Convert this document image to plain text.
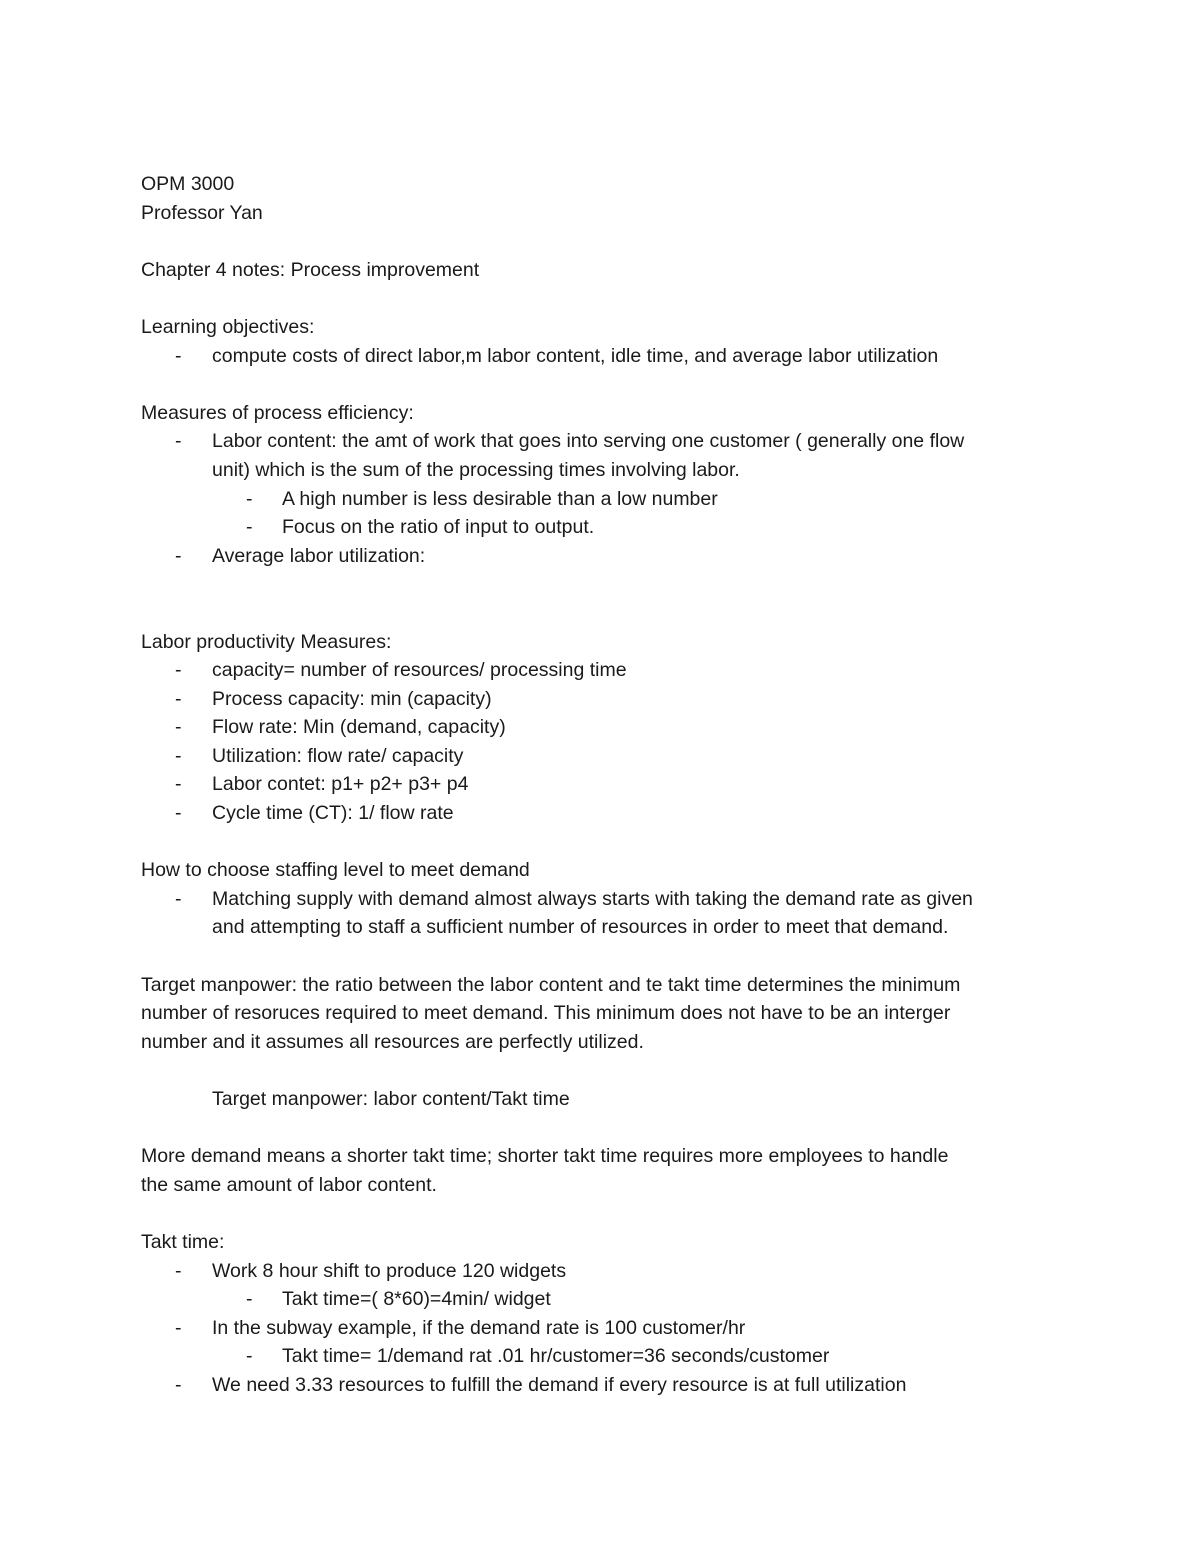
OPM 3000

Professor Yan

Chapter 4 notes: Process improvement

Learning objectives:

- compute costs of direct labor,m labor content, idle time, and average labor utilization

Measures of process efficiency:

- Labor content: the amt of work that goes into serving one customer ( generally one flow

unit) which is the sum of the processing times involving labor.

- A high number is less desirable than a low number

- Focus on the ratio of input to output.

- Average labor utilization:

Labor productivity Measures:

- capacity= number of resources/ processing time

- Process capacity: min (capacity)

- Flow rate: Min (demand, capacity)

- Utilization: flow rate/ capacity

- Labor contet: p1+ p2+ p3+ p4

- Cycle time (CT): 1/ flow rate

How to choose staffing level to meet demand

- Matching supply with demand almost always starts with taking the demand rate as given

and attempting to staff a sufficient number of resources in order to meet that demand.

Target manpower: the ratio between the labor content and te takt time determines the minimum

number of resoruces required to meet demand. This minimum does not have to be an interger

number and it assumes all resources are perfectly utilized.

Target manpower: labor content/Takt time

More demand means a shorter takt time; shorter takt time requires more employees to handle

the same amount of labor content.

Takt time:

- Work 8 hour shift to produce 120 widgets

- Takt time=( 8*60)=4min/ widget

- In the subway example, if the demand rate is 100 customer/hr

- Takt time= 1/demand rat .01 hr/customer=36 seconds/customer

- We need 3.33 resources to fulfill the demand if every resource is at full utilization
